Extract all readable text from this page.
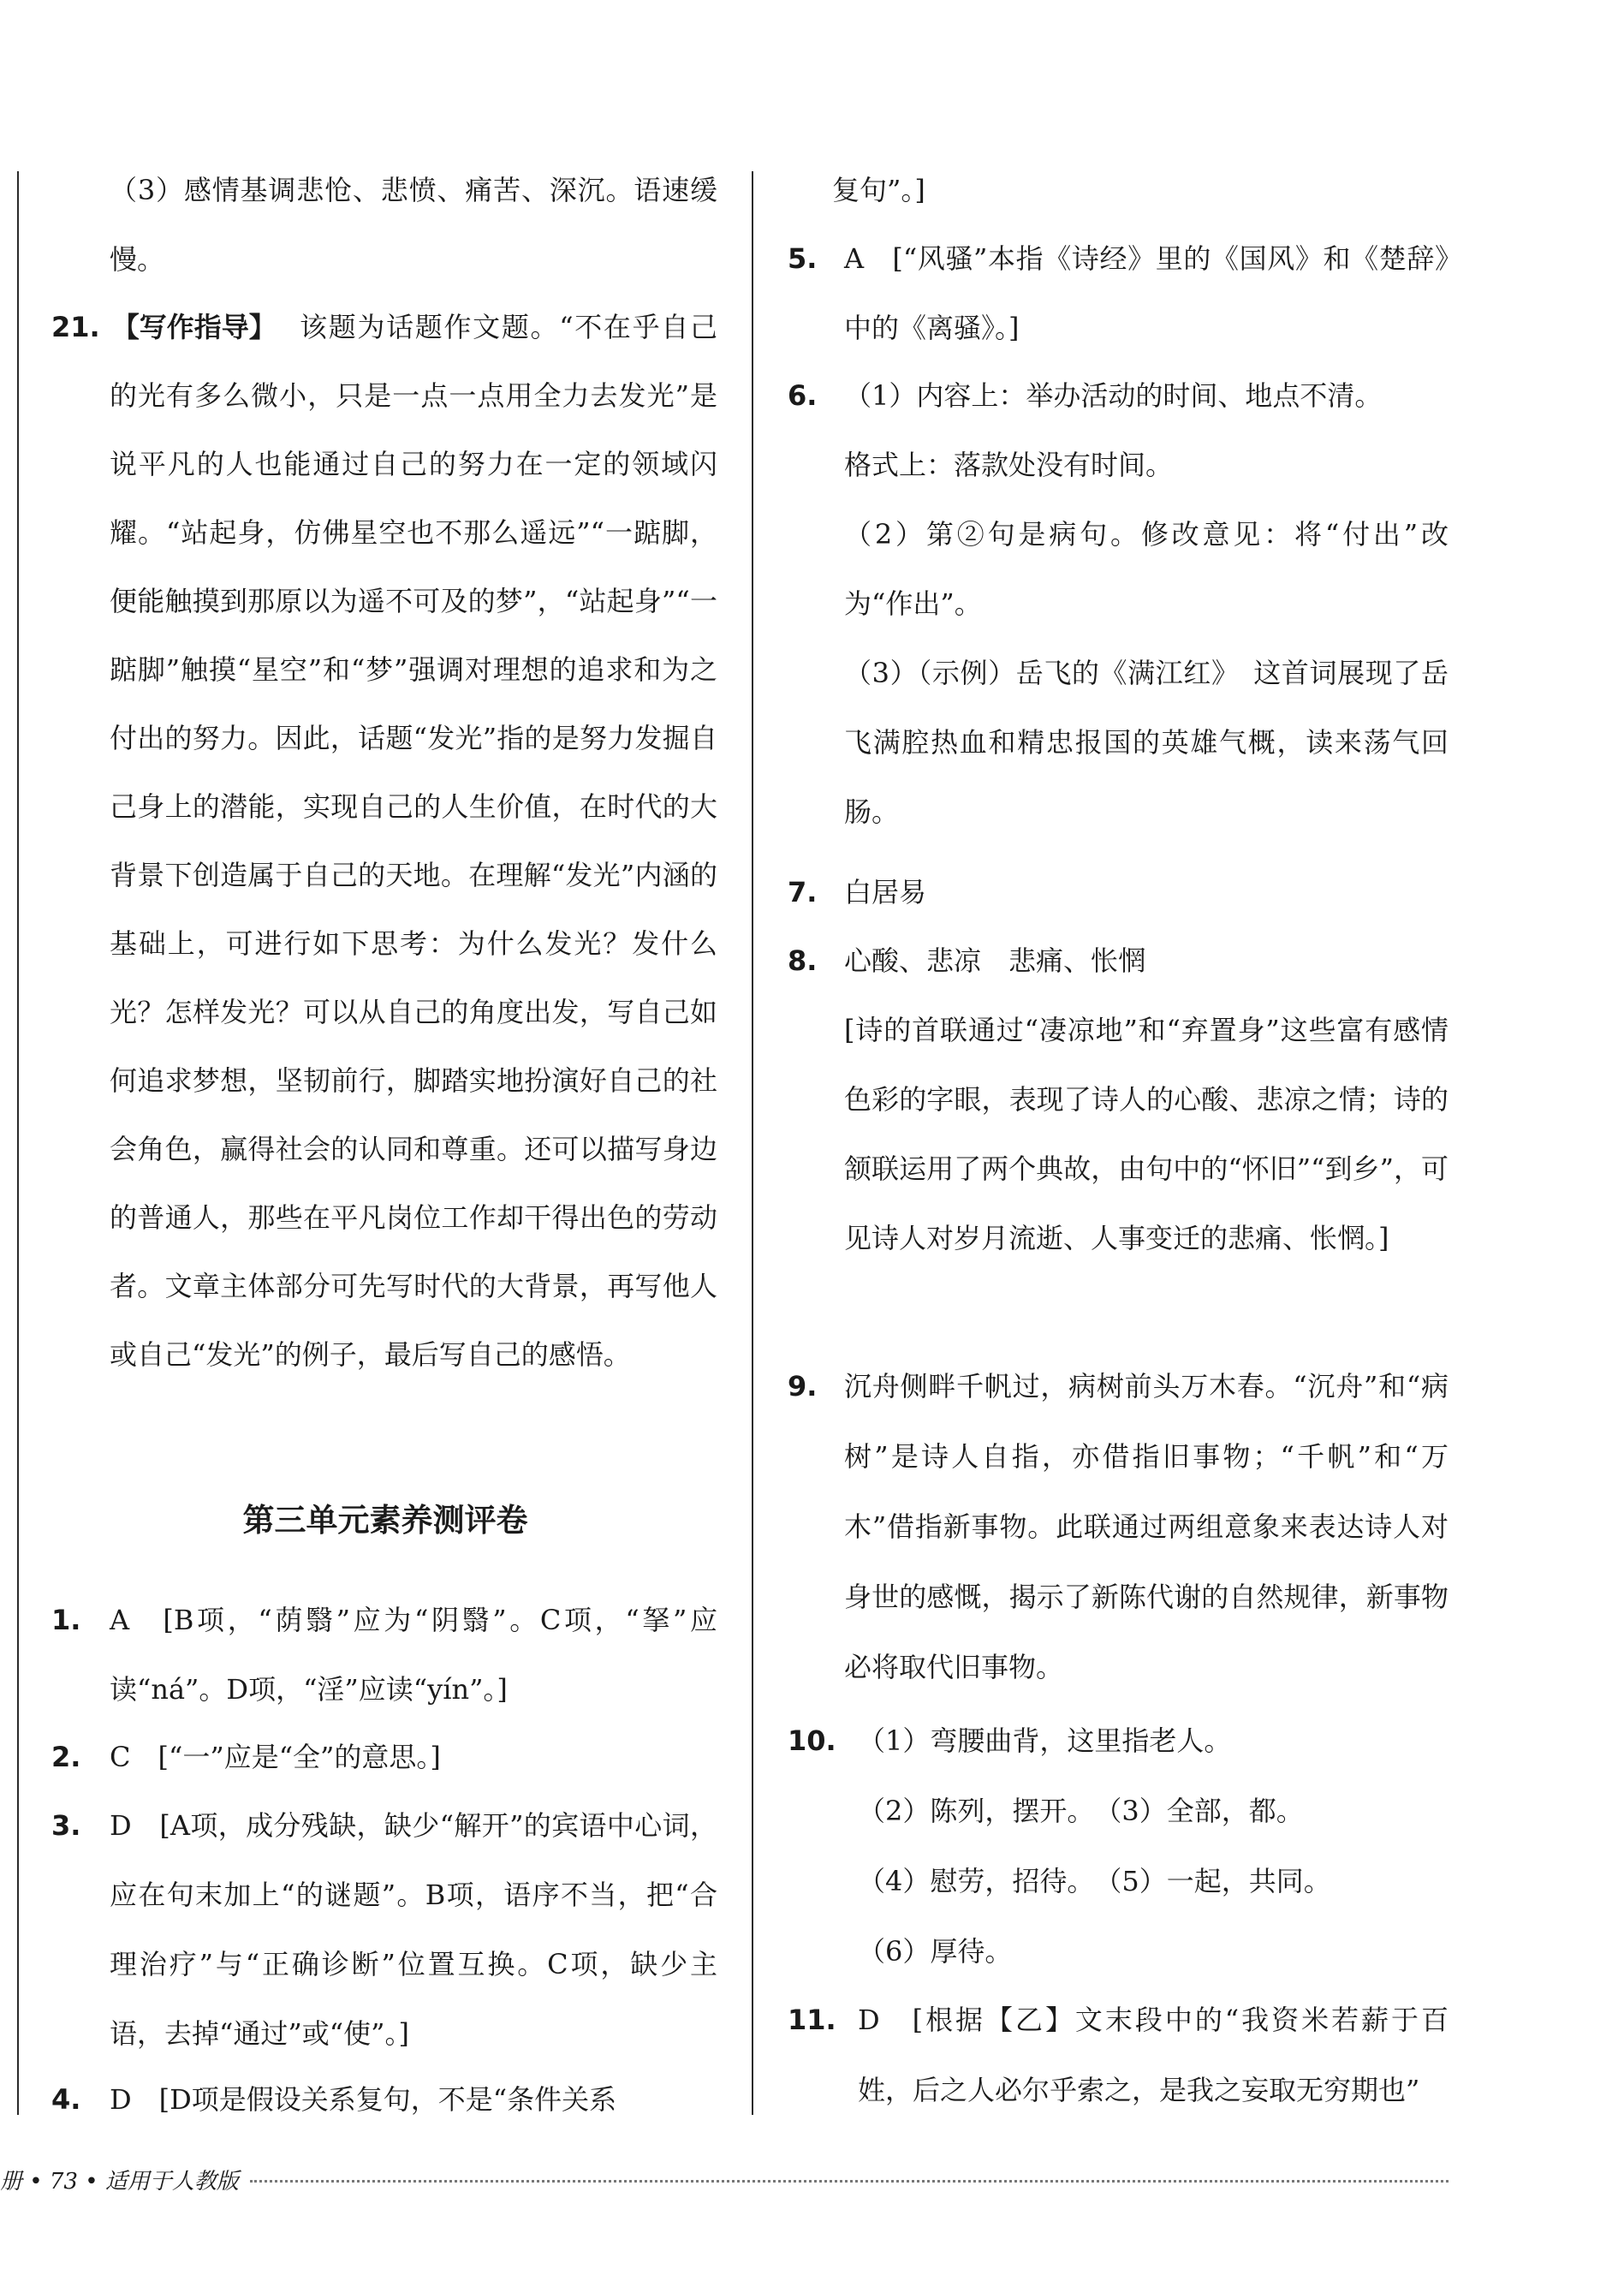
（3）感情基调悲怆、悲愤、痛苦、深沉。语速缓慢。
21. 【写作指导】 该题为话题作文题。“不在乎自己的光有多么微小，只是一点一点用全力去发光”是说平凡的人也能通过自己的努力在一定的领域闪耀。“站起身，仿佛星空也不那么遥远”“一踮脚，便能触摸到那原以为遥不可及的梦”，“站起身”“一踮脚”触摸“星空”和“梦”强调对理想的追求和为之付出的努力。因此，话题“发光”指的是努力发掘自己身上的潜能，实现自己的人生价值，在时代的大背景下创造属于自己的天地。在理解“发光”内涵的基础上，可进行如下思考：为什么发光？发什么光？怎样发光？可以从自己的角度出发，写自己如何追求梦想，坚韧前行，脚踏实地扮演好自己的社会角色，赢得社会的认同和尊重。还可以描写身边的普通人，那些在平凡岗位工作却干得出色的劳动者。文章主体部分可先写时代的大背景，再写他人或自己“发光”的例子，最后写自己的感悟。
第三单元素养测评卷
1.	A　[B项，“荫翳”应为“阴翳”。C项，“拏”应读“ná”。D项，“淫”应读“yín”。]
2.	C　[“一”应是“全”的意思。]
3.	D　[A项，成分残缺，缺少“解开”的宾语中心词，应在句末加上“的谜题”。B项，语序不当，把“合理治疗”与“正确诊断”位置互换。C项，缺少主语，去掉“通过”或“使”。]
4.	D　[D项是假设关系复句，不是“条件关系
复句”。]
5. A　[“风骚”本指《诗经》里的《国风》和《楚辞》中的《离骚》。]
6. （1）内容上：举办活动的时间、地点不清。
格式上：落款处没有时间。
（2）第②句是病句。修改意见：将“付出”改为“作出”。
（3）（示例）岳飞的《满江红》　这首词展现了岳飞满腔热血和精忠报国的英雄气概，读来荡气回肠。
7. 白居易
8. 心酸、悲凉　悲痛、怅惘
[诗的首联通过“凄凉地”和“弃置身”这些富有感情色彩的字眼，表现了诗人的心酸、悲凉之情；诗的颔联运用了两个典故，由句中的“怀旧”“到乡”，可见诗人对岁月流逝、人事变迁的悲痛、怅惘。]
9. 沉舟侧畔千帆过，病树前头万木春。“沉舟”和“病树”是诗人自指，亦借指旧事物；“千帆”和“万木”借指新事物。此联通过两组意象来表达诗人对身世的感慨，揭示了新陈代谢的自然规律，新事物必将取代旧事物。
10. （1）弯腰曲背，这里指老人。
（2）陈列，摆开。　（3）全部，都。
（4）慰劳，招待。　（5）一起，共同。
（6）厚待。
11. D　[根据【乙】文末段中的“我资米若薪于百姓，后之人必尔乎索之，是我之妄取无穷期也”
册 • 73 • 适用于人教版
